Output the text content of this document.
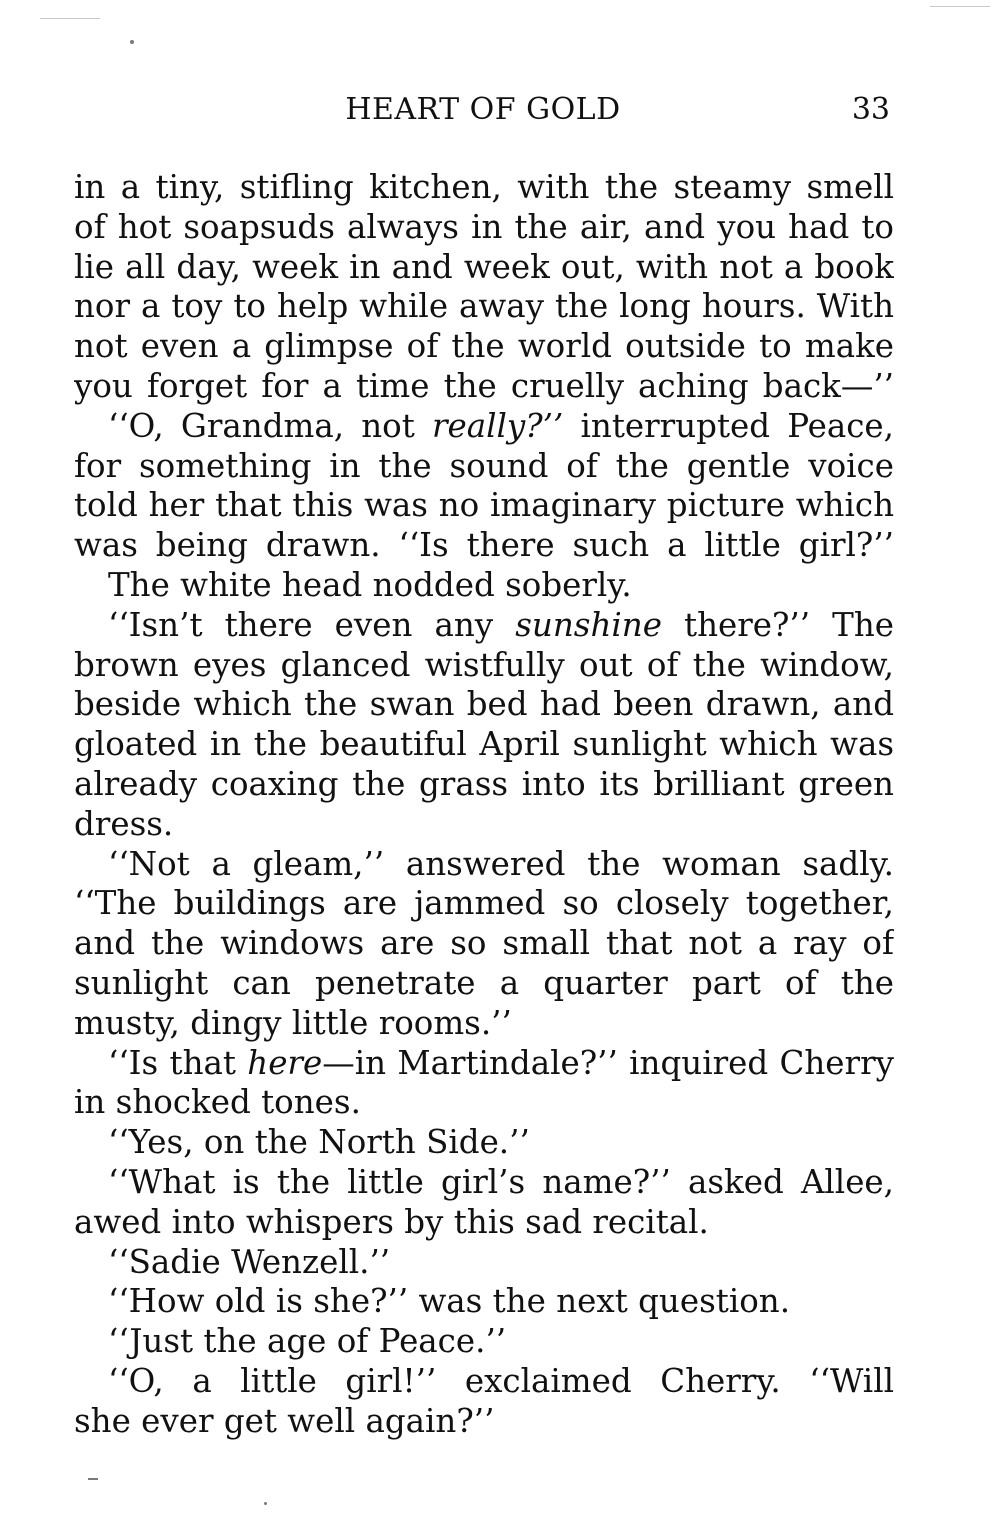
HEART OF GOLD	33
in a tiny, stifling kitchen, with the steamy smell
of hot soapsuds always in the air, and you had to
lie all day, week in and week out, with not a book
nor a toy to help while away the long hours. With
not even a glimpse of the world outside to make
you forget for a time the cruelly aching back—’’
‘‘O, Grandma, not really?’’ interrupted Peace,
for something in the sound of the gentle voice
told her that this was no imaginary picture which
was being drawn. ‘‘Is there such a little girl?’’
The white head nodded soberly.
‘‘Isn’t there even any sunshine there?’’ The
brown eyes glanced wistfully out of the window,
beside which the swan bed had been drawn, and
gloated in the beautiful April sunlight which was
already coaxing the grass into its brilliant green
dress.
‘‘Not a gleam,’’ answered the woman sadly.
‘‘The buildings are jammed so closely together,
and the windows are so small that not a ray of
sunlight can penetrate a quarter part of the
musty, dingy little rooms.’’
‘‘Is that here—in Martindale?’’ inquired Cherry
in shocked tones.
‘‘Yes, on the North Side.’’
‘‘What is the little girl’s name?’’ asked Allee,
awed into whispers by this sad recital.
‘‘Sadie Wenzell.’’
‘‘How old is she?’’ was the next question.
‘‘Just the age of Peace.’’
‘‘O, a little girl!’’ exclaimed Cherry. ‘‘Will
she ever get well again?’’
